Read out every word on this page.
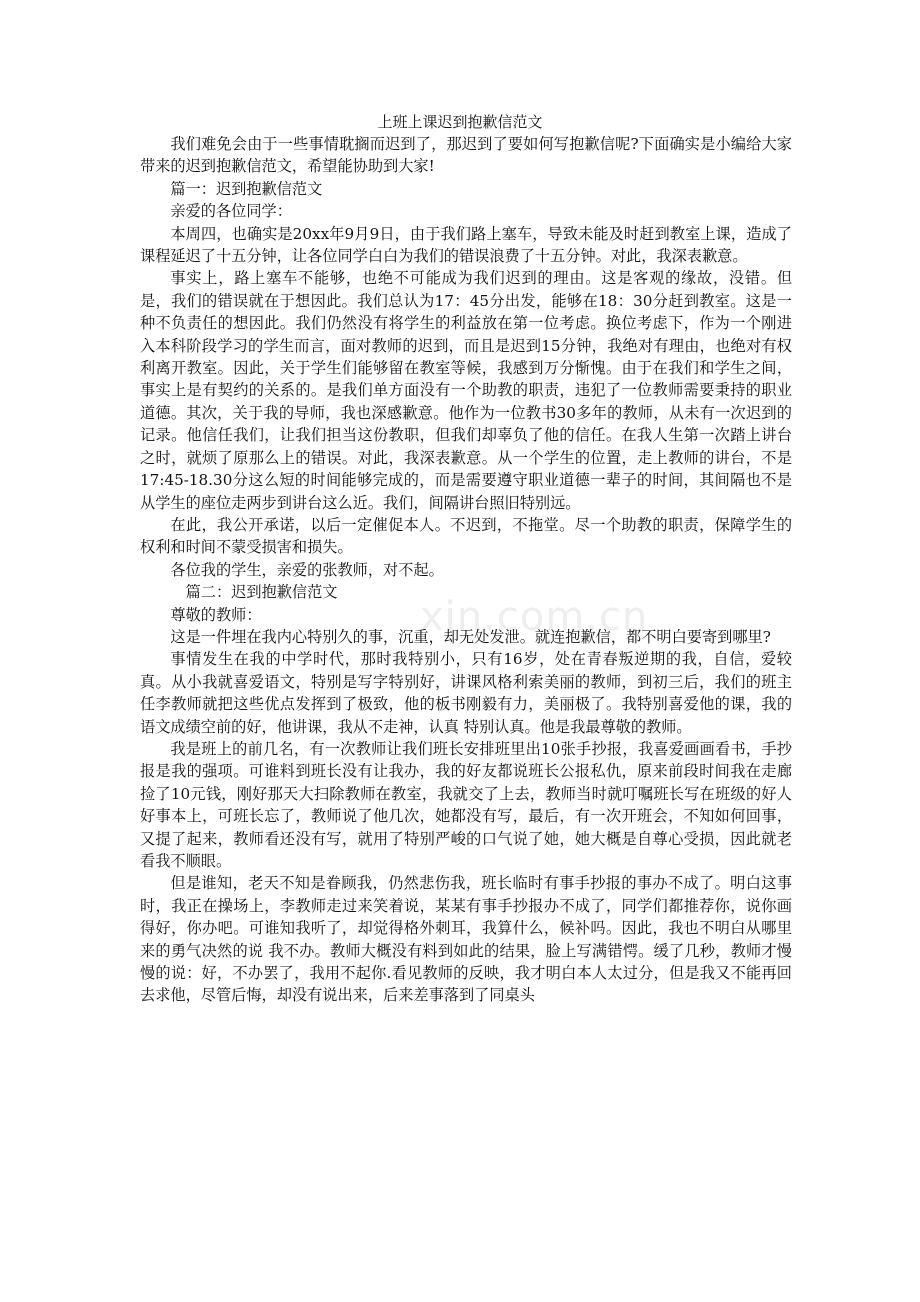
上班上课迟到抱歉信范文
xin.com.cn

我们难免会由于一些事情耽搁而迟到了，那迟到了要如何写抱歉信呢?下面确实是小编给大家带来的迟到抱歉信范文，希望能协助到大家!

篇一：迟到抱歉信范文

亲爱的各位同学：

本周四，也确实是20xx年9月9日，由于我们路上塞车，导致未能及时赶到教室上课，造成了课程延迟了十五分钟，让各位同学白白为我们的错误浪费了十五分钟。对此，我深表歉意。

事实上，路上塞车不能够，也绝不可能成为我们迟到的理由。这是客观的缘故，没错。但是，我们的错误就在于想因此。我们总认为17：45分出发，能够在18：30分赶到教室。这是一种不负责任的想因此。我们仍然没有将学生的利益放在第一位考虑。换位考虑下，作为一个刚进入本科阶段学习的学生而言，面对教师的迟到，而且是迟到15分钟，我绝对有理由，也绝对有权利离开教室。因此，关于学生们能够留在教室等候，我感到万分惭愧。由于在我们和学生之间，事实上是有契约的关系的。是我们单方面没有一个助教的职责，违犯了一位教师需要秉持的职业道德。其次，关于我的导师，我也深感歉意。他作为一位教书30多年的教师，从未有一次迟到的记录。他信任我们，让我们担当这份教职，但我们却辜负了他的信任。在我人生第一次踏上讲台之时，就烦了原那么上的错误。对此，我深表歉意。从一个学生的位置，走上教师的讲台，不是17:45-18.30分这么短的时间能够完成的，而是需要遵守职业道德一辈子的时间，其间隔也不是从学生的座位走两步到讲台这么近。我们，间隔讲台照旧特别远。

在此，我公开承诺，以后一定催促本人。不迟到，不拖堂。尽一个助教的职责，保障学生的权利和时间不蒙受损害和损失。

各位我的学生，亲爱的张教师，对不起。

篇二：迟到抱歉信范文

尊敬的教师：

这是一件埋在我内心特别久的事，沉重，却无处发泄。就连抱歉信，都不明白要寄到哪里?

事情发生在我的中学时代，那时我特别小，只有16岁，处在青春叛逆期的我，自信，爱较真。从小我就喜爱语文，特别是写字特别好，讲课风格利索美丽的教师，到初三后，我们的班主任李教师就把这些优点发挥到了极致，他的板书刚毅有力，美丽极了。我特别喜爱他的课，我的语文成绩空前的好，他讲课，我从不走神，认真 特别认真。他是我最尊敬的教师。

我是班上的前几名，有一次教师让我们班长安排班里出10张手抄报，我喜爱画画看书，手抄报是我的强项。可谁料到班长没有让我办，我的好友都说班长公报私仇，原来前段时间我在走廊捡了10元钱，刚好那天大扫除教师在教室，我就交了上去，教师当时就叮嘱班长写在班级的好人好事本上，可班长忘了，教师说了他几次，她都没有写，最后，有一次开班会，不知如何回事，又提了起来，教师看还没有写，就用了特别严峻的口气说了她，她大概是自尊心受损，因此就老看我不顺眼。

但是谁知，老天不知是眷顾我，仍然悲伤我，班长临时有事手抄报的事办不成了。明白这事时，我正在操场上，李教师走过来笑着说，某某有事手抄报办不成了，同学们都推荐你，说你画得好，你办吧。可谁知我听了，却觉得格外刺耳，我算什么，候补吗。因此，我也不明白从哪里来的勇气决然的说 我不办。教师大概没有料到如此的结果，脸上写满错愕。缓了几秒，教师才慢慢的说：好，不办罢了，我用不起你.看见教师的反映，我才明白本人太过分，但是我又不能再回去求他，尽管后悔，却没有说出来，后来差事落到了同桌头
